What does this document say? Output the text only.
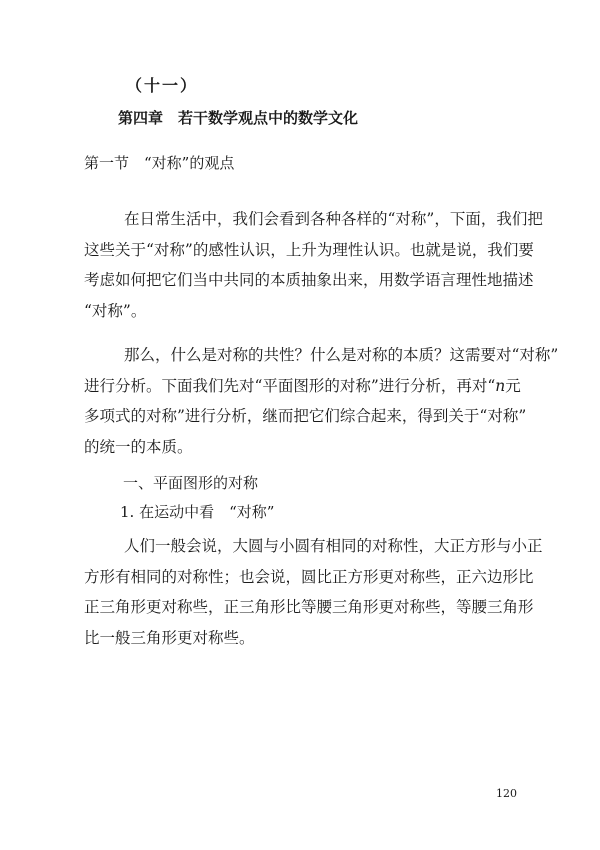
（十一）
第四章　若干数学观点中的数学文化
第一节　“对称”的观点
在日常生活中，我们会看到各种各样的“对称”，下面，我们把
这些关于“对称”的感性认识，上升为理性认识。也就是说，我们要
考虑如何把它们当中共同的本质抽象出来，用数学语言理性地描述
“对称”。
那么，什么是对称的共性？什么是对称的本质？这需要对“对称”
进行分析。下面我们先对“平面图形的对称”进行分析，再对“n元
多项式的对称”进行分析，继而把它们综合起来，得到关于“对称”
的统一的本质。
一、平面图形的对称
1. 在运动中看　“对称”
人们一般会说，大圆与小圆有相同的对称性，大正方形与小正
方形有相同的对称性；也会说，圆比正方形更对称些，正六边形比
正三角形更对称些，正三角形比等腰三角形更对称些，等腰三角形
比一般三角形更对称些。
120
